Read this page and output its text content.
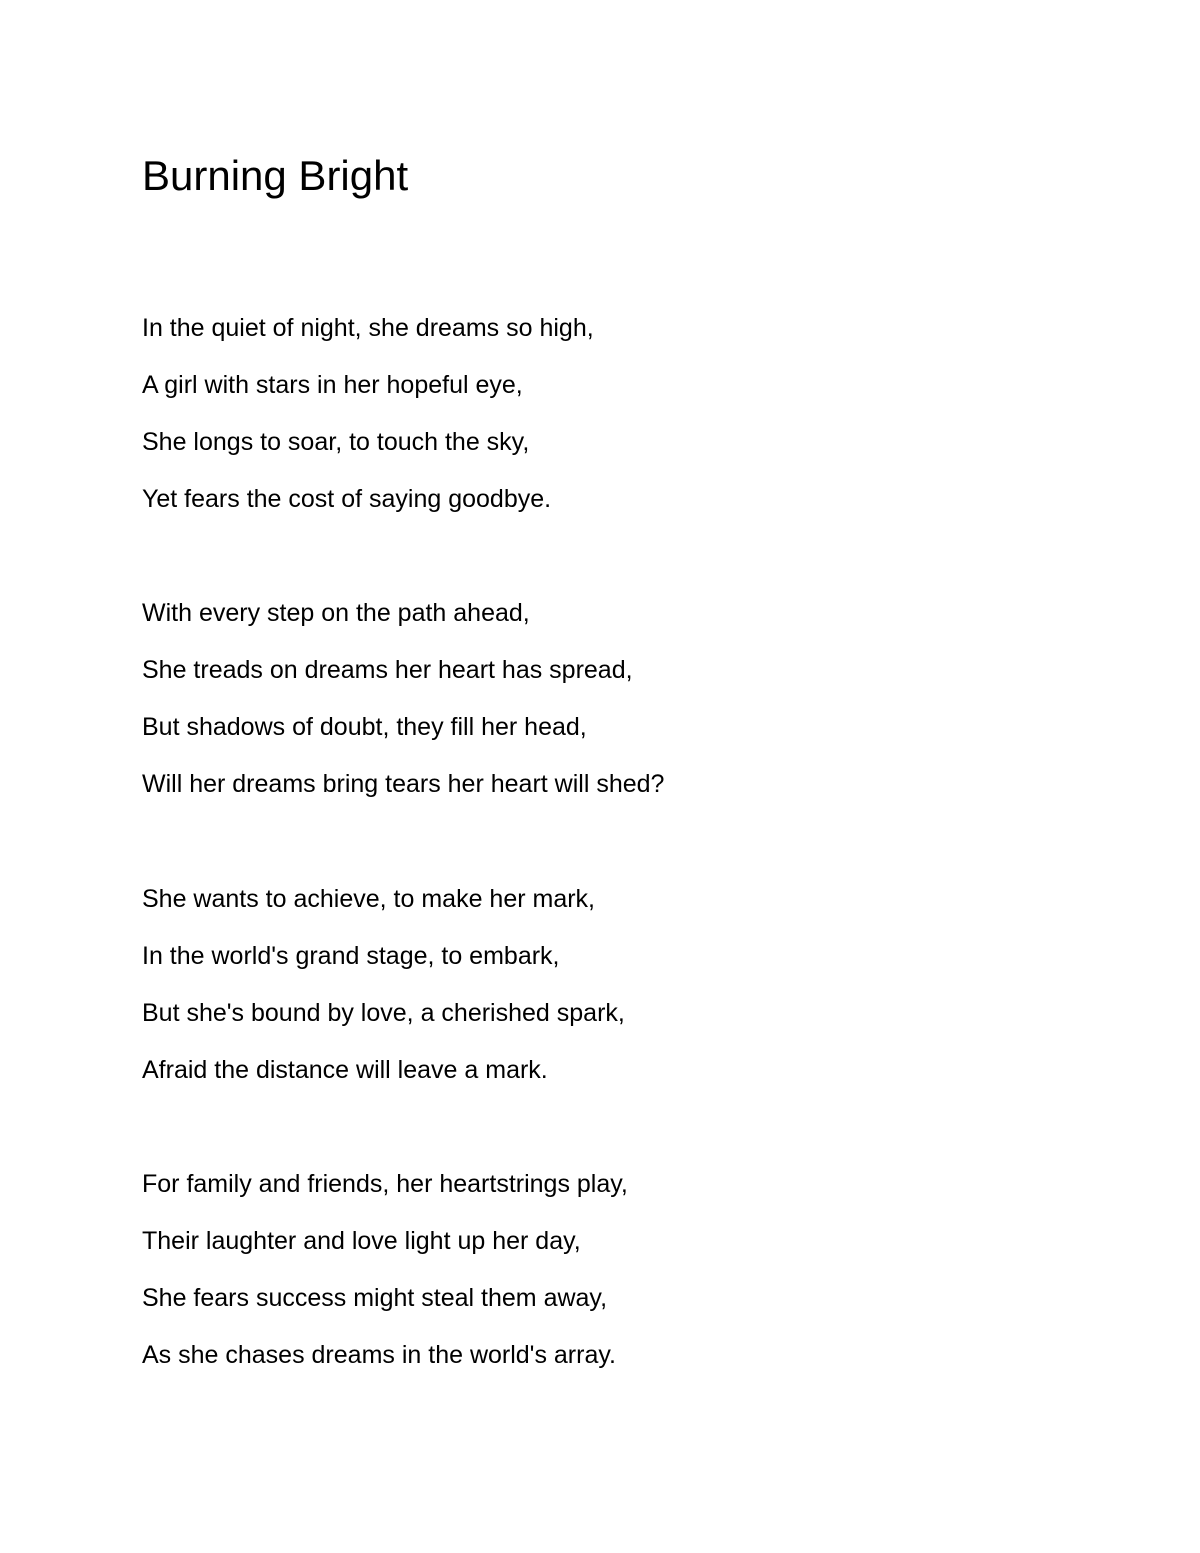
Burning Bright
In the quiet of night, she dreams so high,
A girl with stars in her hopeful eye,
She longs to soar, to touch the sky,
Yet fears the cost of saying goodbye.
With every step on the path ahead,
She treads on dreams her heart has spread,
But shadows of doubt, they fill her head,
Will her dreams bring tears her heart will shed?
She wants to achieve, to make her mark,
In the world's grand stage, to embark,
But she's bound by love, a cherished spark,
Afraid the distance will leave a mark.
For family and friends, her heartstrings play,
Their laughter and love light up her day,
She fears success might steal them away,
As she chases dreams in the world's array.
